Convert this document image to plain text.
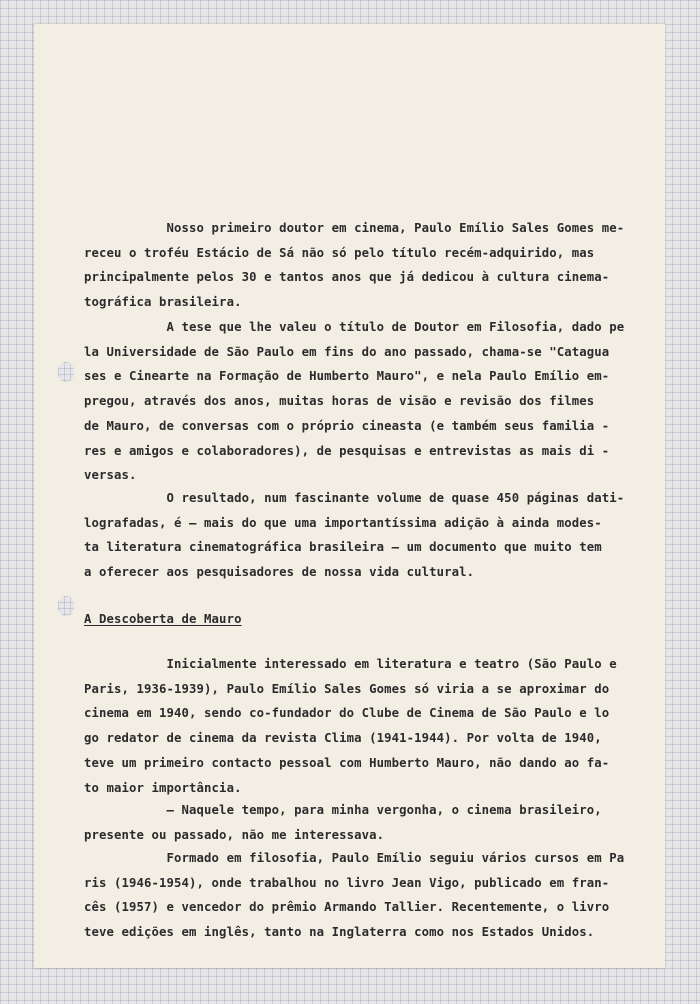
Nosso primeiro doutor em cinema, Paulo Emílio Sales Gomes me-
receu o troféu Estácio de Sá não só pelo título recém-adquirido, mas
principalmente pelos 30 e tantos anos que já dedicou à cultura cinema-
tográfica brasileira.
A tese que lhe valeu o título de Doutor em Filosofia, dado pe
la Universidade de São Paulo em fins do ano passado, chama-se "Catagua
ses e Cinearte na Formação de Humberto Mauro", e nela Paulo Emílio em-
pregou, através dos anos, muitas horas de visão e revisão dos filmes
de Mauro, de conversas com o próprio cineasta (e também seus familia -
res e amigos e colaboradores), de pesquisas e entrevistas as mais di -
versas.
O resultado, num fascinante volume de quase 450 páginas dati-
lografadas, é — mais do que uma importantíssima adição à ainda modes-
ta literatura cinematográfica brasileira — um documento que muito tem
a oferecer aos pesquisadores de nossa vida cultural.
A Descoberta de Mauro
Inicialmente interessado em literatura e teatro (São Paulo e
Paris, 1936-1939), Paulo Emílio Sales Gomes só viria a se aproximar do
cinema em 1940, sendo co-fundador do Clube de Cinema de São Paulo e lo
go redator de cinema da revista Clima (1941-1944). Por volta de 1940,
teve um primeiro contacto pessoal com Humberto Mauro, não dando ao fa-
to maior importância.
— Naquele tempo, para minha vergonha, o cinema brasileiro,
presente ou passado, não me interessava.
Formado em filosofia, Paulo Emílio seguiu vários cursos em Pa
ris (1946-1954), onde trabalhou no livro Jean Vigo, publicado em fran-
cês (1957) e vencedor do prêmio Armando Tallier. Recentemente, o livro
teve edições em inglês, tanto na Inglaterra como nos Estados Unidos.
